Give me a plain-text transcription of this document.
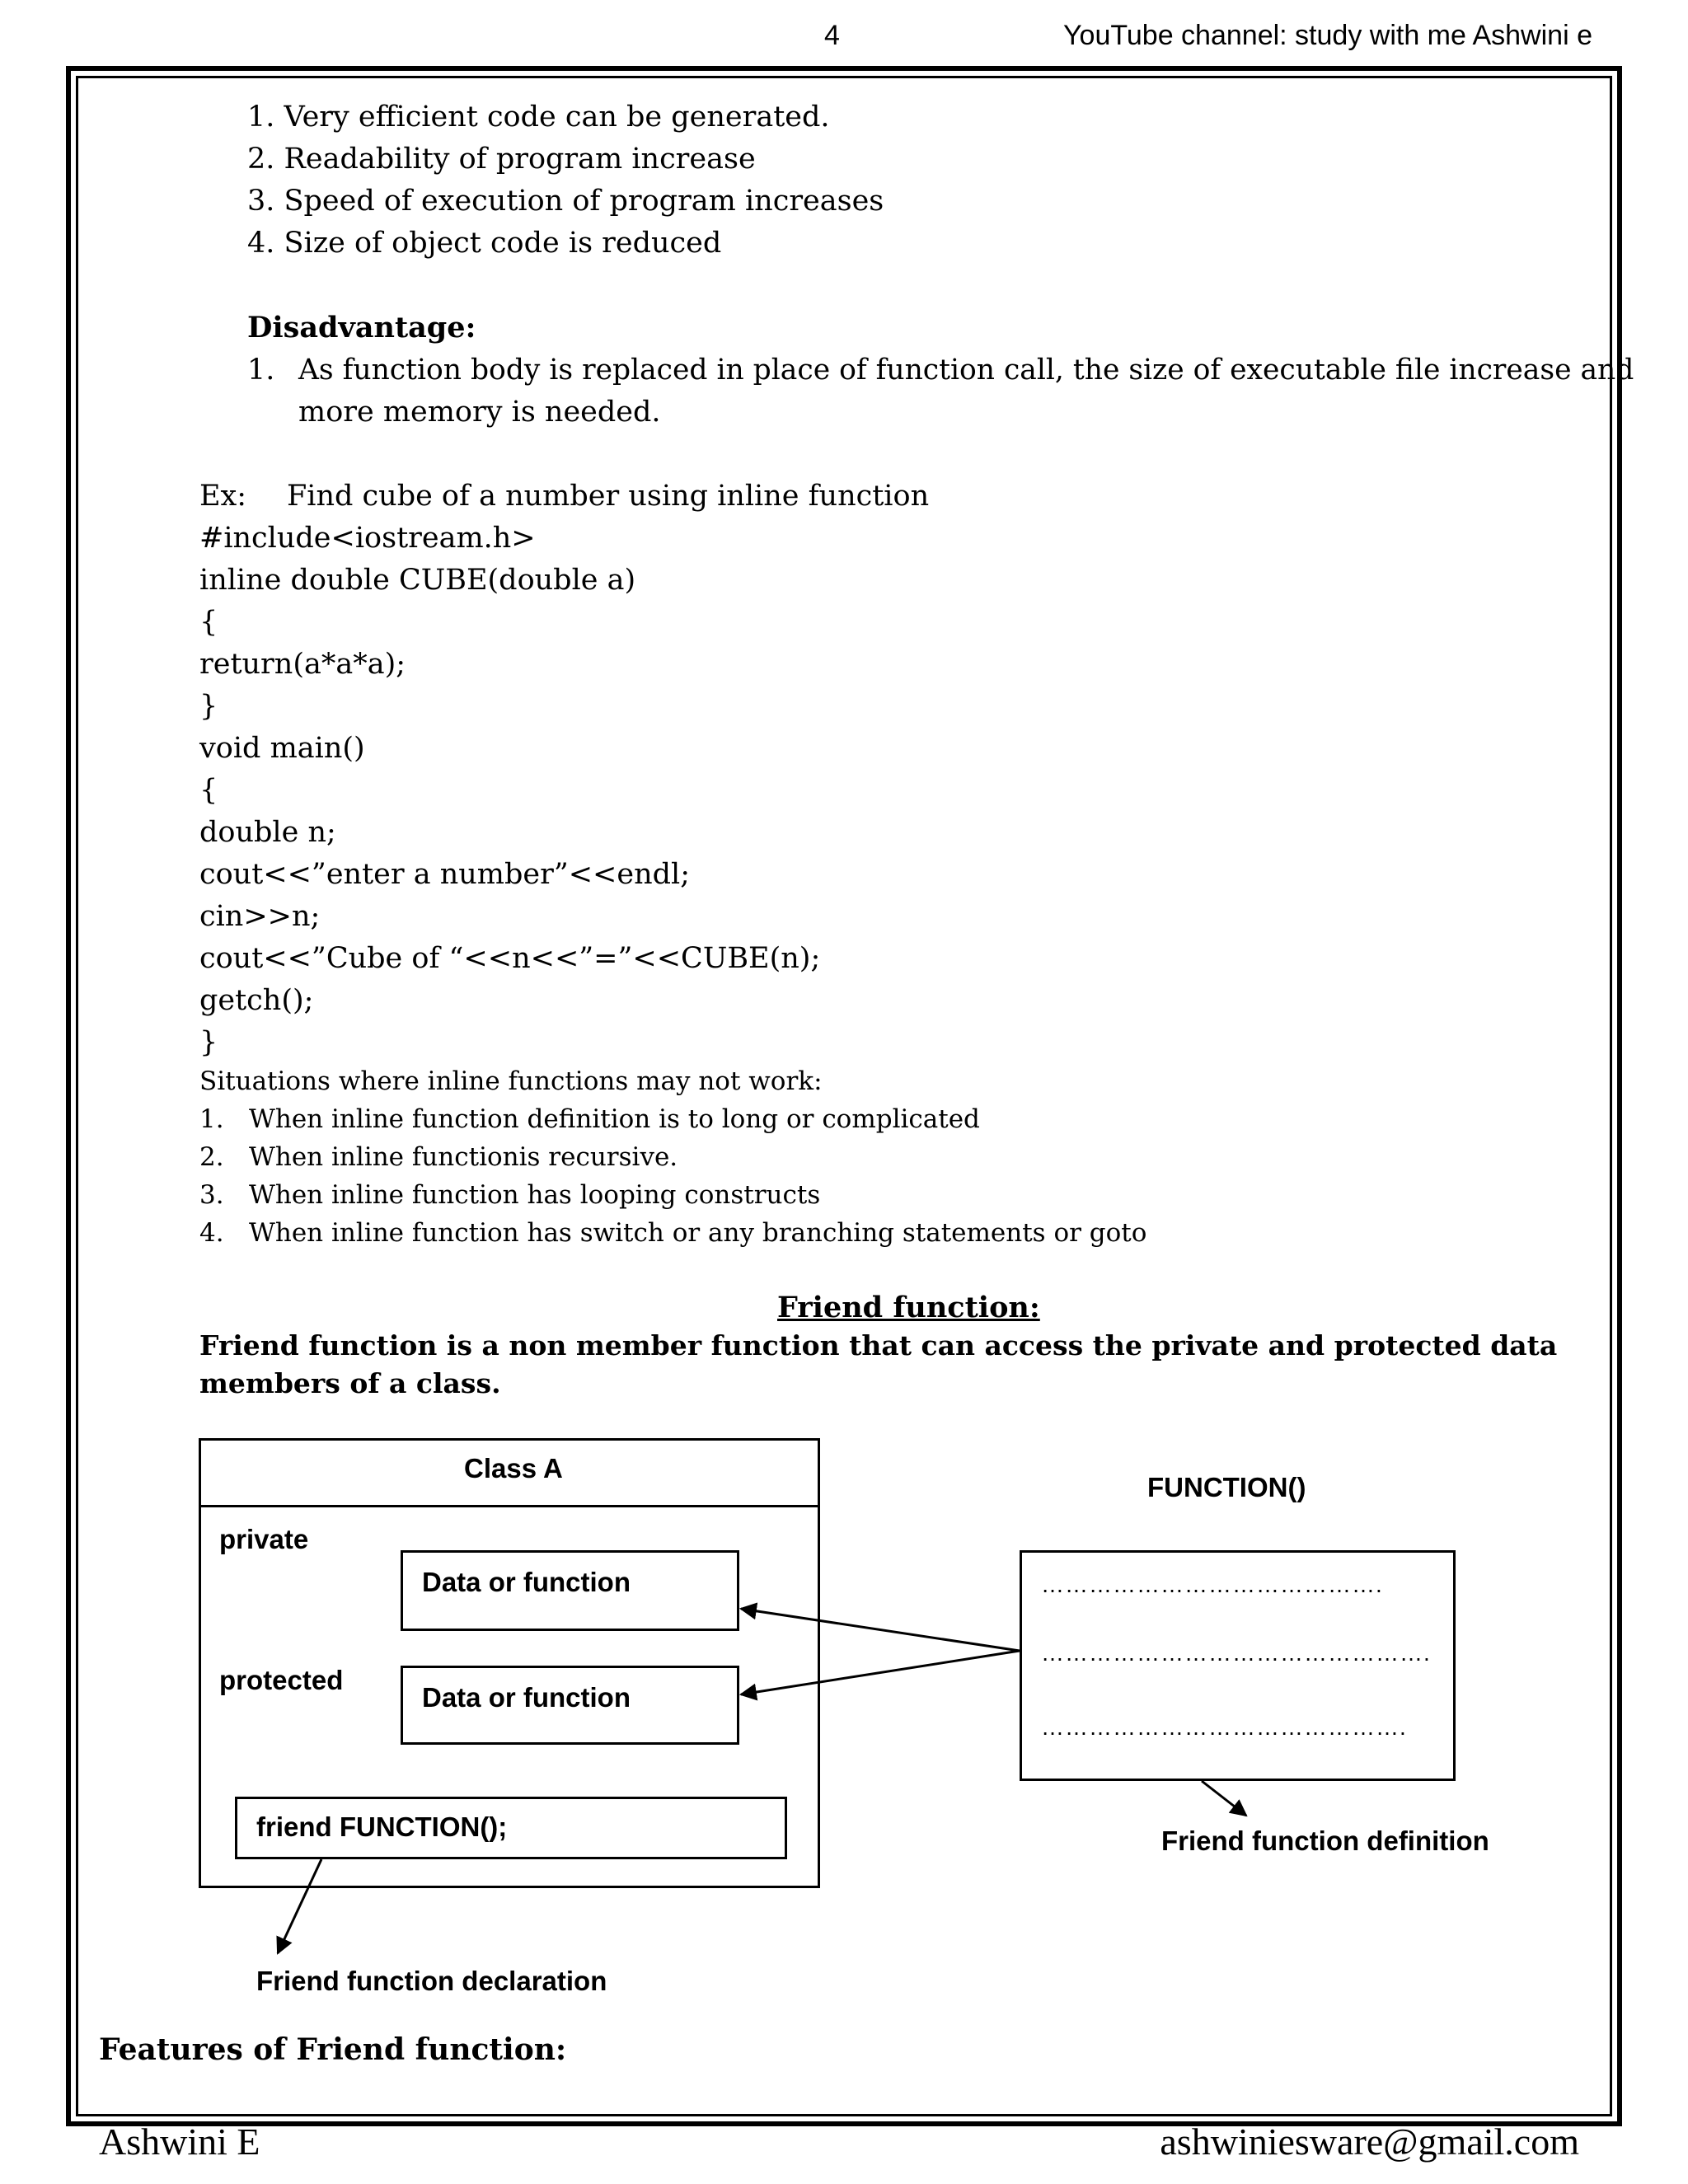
4	YouTube channel: study with me Ashwini e
1. Very efficient code can be generated.
2. Readability of program increase
3. Speed of execution of program increases
4. Size of object code is reduced
Disadvantage:
1. As function body is replaced in place of function call, the size of executable file increase and
more memory is needed.
Ex: Find cube of a number using inline function
#include<iostream.h>
inline double CUBE(double a)
{
return(a*a*a);
}
void main()
{
double n;
cout<<”enter a number”<<endl;
cin>>n;
cout<<”Cube of “<<n<<”=”<<CUBE(n);
getch();
}
Situations where inline functions may not work:
1. When inline function definition is to long or complicated
2. When inline functionis recursive.
3. When inline function has looping constructs
4. When inline function has switch or any branching statements or goto
Friend function:
Friend function is a non member function that can access the private and protected data
members of a class.
Class A
private
protected
Data or function
Data or function
friend FUNCTION();
FUNCTION()
…………………………………….
………………………………………….
……………………………………….
Friend function definition
Friend function declaration
Features of Friend function:
Ashwini E	ashwiniesware@gmail.com
